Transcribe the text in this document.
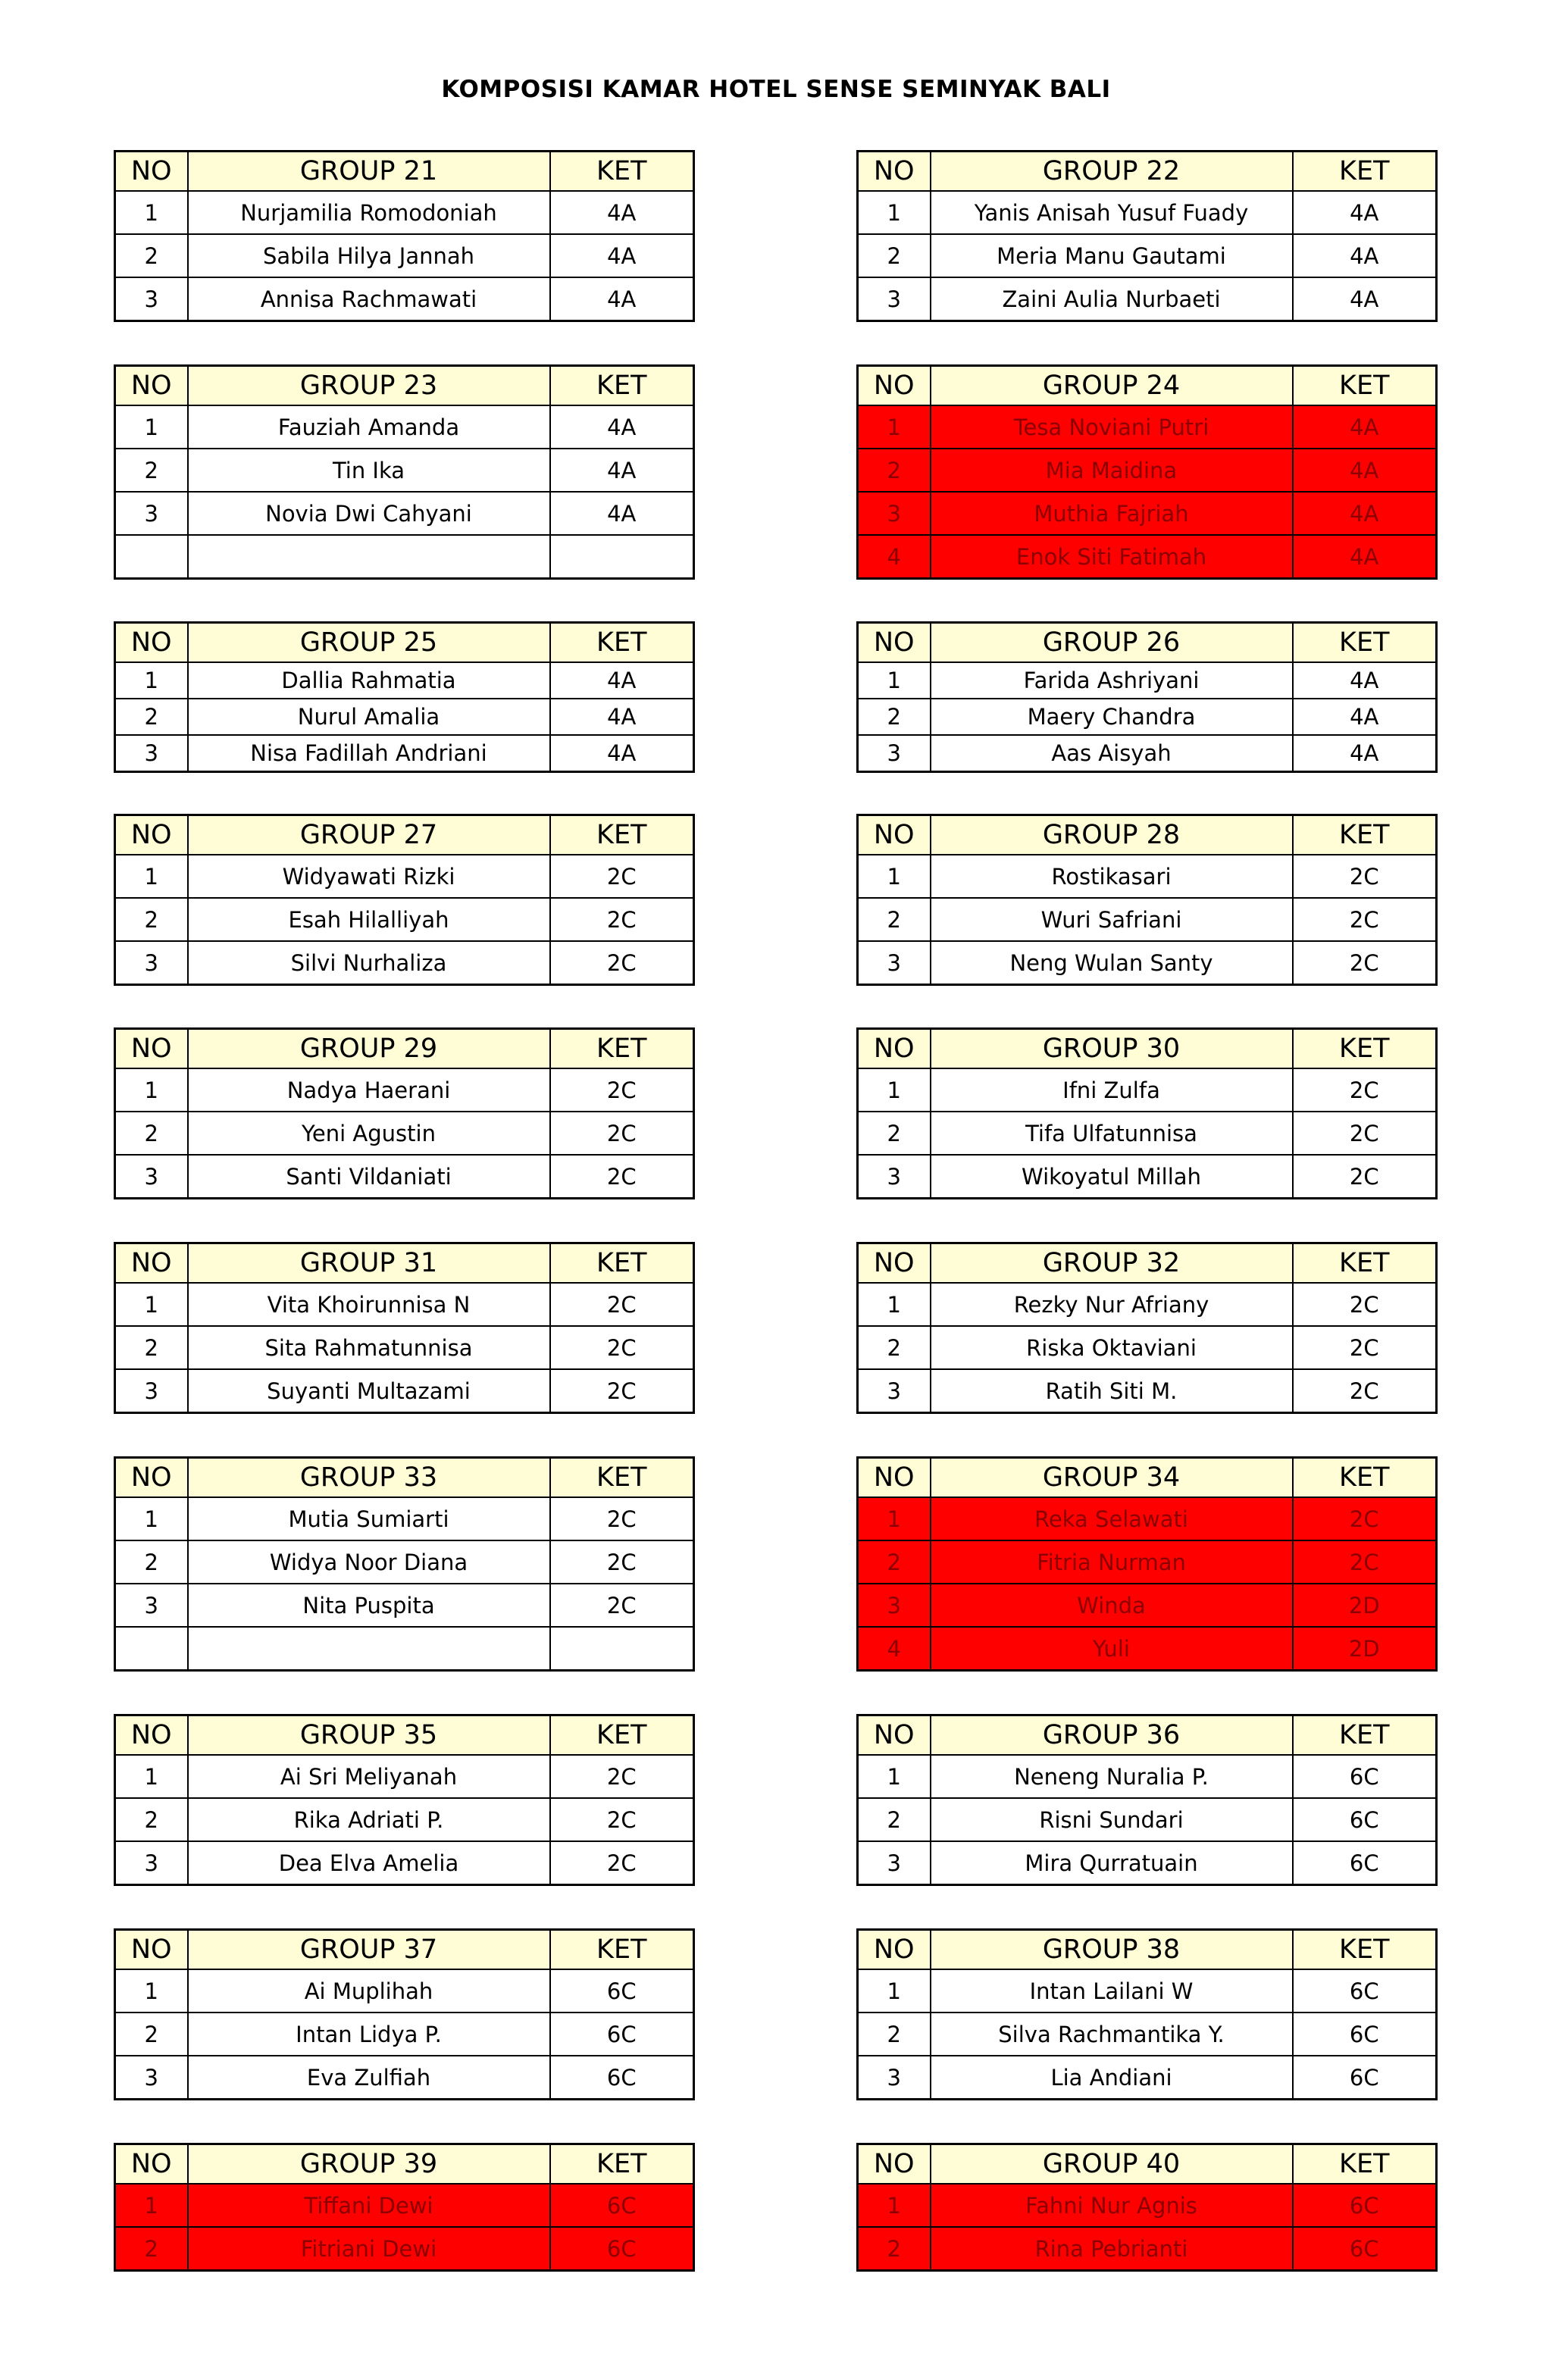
KOMPOSISI KAMAR HOTEL SENSE SEMINYAK BALI
NO	GROUP 21	KET
1	Nurjamilia Romodoniah	4A
2	Sabila Hilya Jannah	4A
3	Annisa Rachmawati	4A
NO	GROUP 22	KET
1	Yanis Anisah Yusuf Fuady	4A
2	Meria Manu Gautami	4A
3	Zaini Aulia Nurbaeti	4A
NO	GROUP 23	KET
1	Fauziah Amanda	4A
2	Tin Ika	4A
3	Novia Dwi Cahyani	4A

NO	GROUP 24	KET
1	Tesa Noviani Putri	4A
2	Mia Maidina	4A
3	Muthia Fajriah	4A
4	Enok Siti Fatimah	4A
NO	GROUP 25	KET
1	Dallia Rahmatia	4A
2	Nurul Amalia	4A
3	Nisa Fadillah Andriani	4A
NO	GROUP 26	KET
1	Farida Ashriyani	4A
2	Maery Chandra	4A
3	Aas Aisyah	4A
NO	GROUP 27	KET
1	Widyawati Rizki	2C
2	Esah Hilalliyah	2C
3	Silvi Nurhaliza	2C
NO	GROUP 28	KET
1	Rostikasari	2C
2	Wuri Safriani	2C
3	Neng Wulan Santy	2C
NO	GROUP 29	KET
1	Nadya Haerani	2C
2	Yeni Agustin	2C
3	Santi Vildaniati	2C
NO	GROUP 30	KET
1	Ifni Zulfa	2C
2	Tifa Ulfatunnisa	2C
3	Wikoyatul Millah	2C
NO	GROUP 31	KET
1	Vita Khoirunnisa N	2C
2	Sita Rahmatunnisa	2C
3	Suyanti Multazami	2C
NO	GROUP 32	KET
1	Rezky Nur Afriany	2C
2	Riska Oktaviani	2C
3	Ratih Siti M.	2C
NO	GROUP 33	KET
1	Mutia Sumiarti	2C
2	Widya Noor Diana	2C
3	Nita Puspita	2C

NO	GROUP 34	KET
1	Reka Selawati	2C
2	Fitria Nurman	2C
3	Winda	2D
4	Yuli	2D
NO	GROUP 35	KET
1	Ai Sri Meliyanah	2C
2	Rika Adriati P.	2C
3	Dea Elva Amelia	2C
NO	GROUP 36	KET
1	Neneng Nuralia P.	6C
2	Risni Sundari	6C
3	Mira Qurratuain	6C
NO	GROUP 37	KET
1	Ai Muplihah	6C
2	Intan Lidya P.	6C
3	Eva Zulfiah	6C
NO	GROUP 38	KET
1	Intan Lailani W	6C
2	Silva Rachmantika Y.	6C
3	Lia Andiani	6C
NO	GROUP 39	KET
1	Tiffani Dewi	6C
2	Fitriani Dewi	6C
NO	GROUP 40	KET
1	Fahni Nur Agnis	6C
2	Rina Pebrianti	6C
